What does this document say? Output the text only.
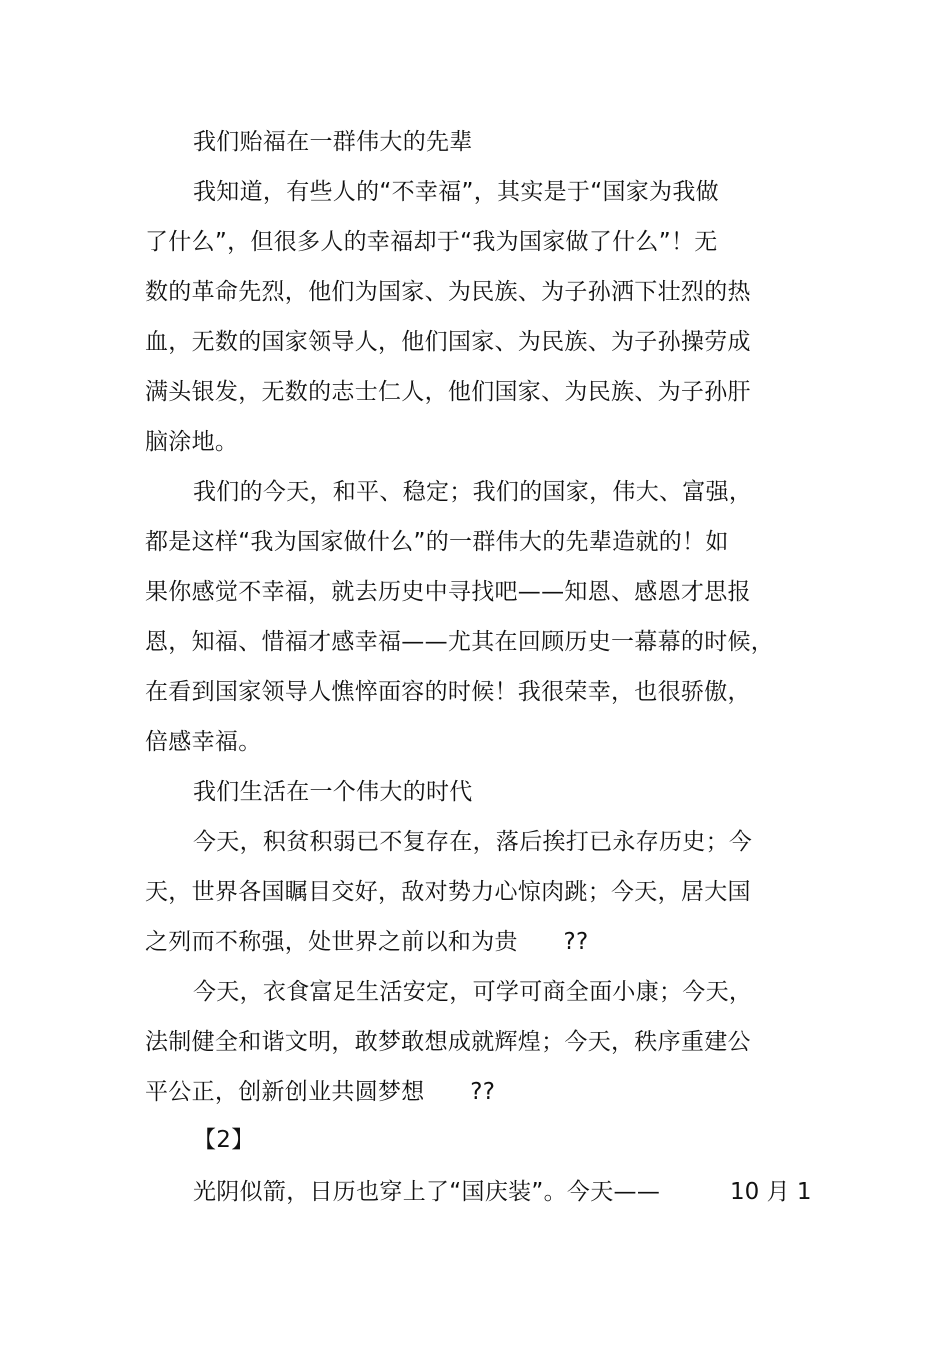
我们贻福在一群伟大的先辈
我知道，有些人的“不幸福”，其实是于“国家为我做
了什么”，但很多人的幸福却于“我为国家做了什么”！无
数的革命先烈，他们为国家、为民族、为子孙洒下壮烈的热
血，无数的国家领导人，他们国家、为民族、为子孙操劳成
满头银发，无数的志士仁人，他们国家、为民族、为子孙肝
脑涂地。
我们的今天，和平、稳定；我们的国家，伟大、富强，
都是这样“我为国家做什么”的一群伟大的先辈造就的！如
果你感觉不幸福，就去历史中寻找吧——知恩、感恩才思报
恩，知福、惜福才感幸福——尤其在回顾历史一幕幕的时候，
在看到国家领导人憔悴面容的时候！我很荣幸，也很骄傲，
倍感幸福。
我们生活在一个伟大的时代
今天，积贫积弱已不复存在，落后挨打已永存历史；今
天，世界各国瞩目交好，敌对势力心惊肉跳；今天，居大国
之列而不称强，处世界之前以和为贵      ??
今天，衣食富足生活安定，可学可商全面小康；今天，
法制健全和谐文明，敢梦敢想成就辉煌；今天，秩序重建公
平公正，创新创业共圆梦想      ??
【2】
光阴似箭，日历也穿上了“国庆装”。今天——	10 月 1
